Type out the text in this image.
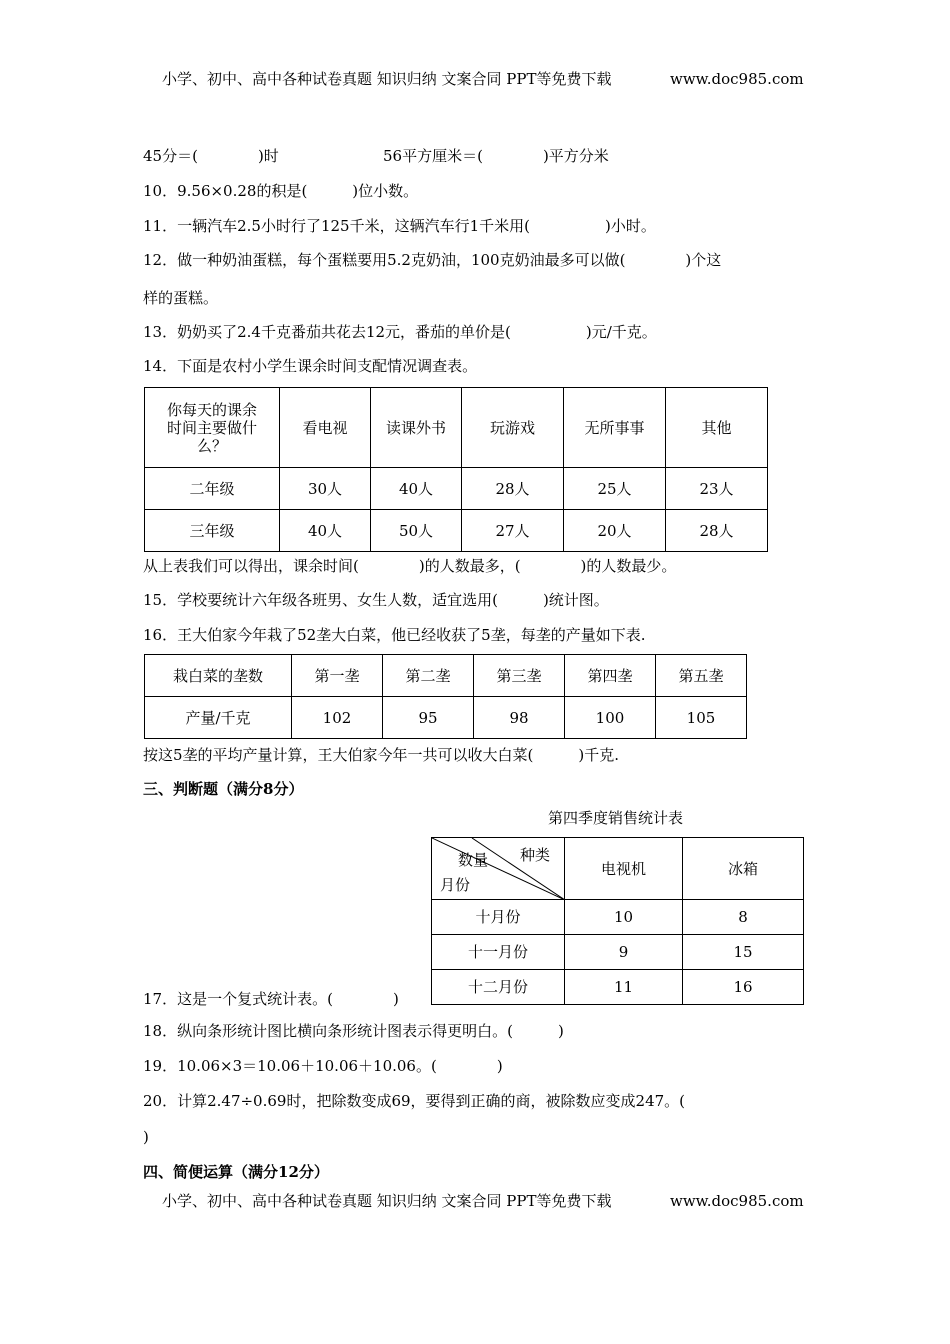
小学、初中、高中各种试卷真题 知识归纳 文案合同 PPT等免费下载	www.doc985.com
45分＝(　　　　)时	56平方厘米＝(　　　　)平方分米
10．9.56×0.28的积是(　　　)位小数。
11．一辆汽车2.5小时行了125千米，这辆汽车行1千米用(　　　　　)小时。
12．做一种奶油蛋糕，每个蛋糕要用5.2克奶油，100克奶油最多可以做(　　　　)个这
样的蛋糕。
13．奶奶买了2.4千克番茄共花去12元，番茄的单价是(　　　　　)元/千克。
14．下面是农村小学生课余时间支配情况调查表。
你每天的课余
时间主要做什
么？	看电视	读课外书	玩游戏	无所事事	其他
二年级	30人	40人	28人	25人	23人
三年级	40人	50人	27人	20人	28人
从上表我们可以得出，课余时间(　　　　)的人数最多，(　　　　)的人数最少。
15．学校要统计六年级各班男、女生人数，适宜选用(　　　)统计图。
16．王大伯家今年栽了52垄大白菜，他已经收获了5垄，每垄的产量如下表.
栽白菜的垄数	第一垄	第二垄	第三垄	第四垄	第五垄
产量/千克	102	95	98	100	105
按这5垄的平均产量计算，王大伯家今年一共可以收大白菜(　　　)千克.
三、判断题（满分8分）
第四季度销售统计表
种类
数量
月份	电视机	冰箱
十月份	10	8
十一月份	9	15
十二月份	11	16
17．这是一个复式统计表。(　　　　)
18．纵向条形统计图比横向条形统计图表示得更明白。(　　　)
19．10.06×3＝10.06＋10.06＋10.06。(　　　　)
20．计算2.47÷0.69时，把除数变成69，要得到正确的商，被除数应变成247。(
)
四、简便运算（满分12分）
小学、初中、高中各种试卷真题 知识归纳 文案合同 PPT等免费下载	www.doc985.com
